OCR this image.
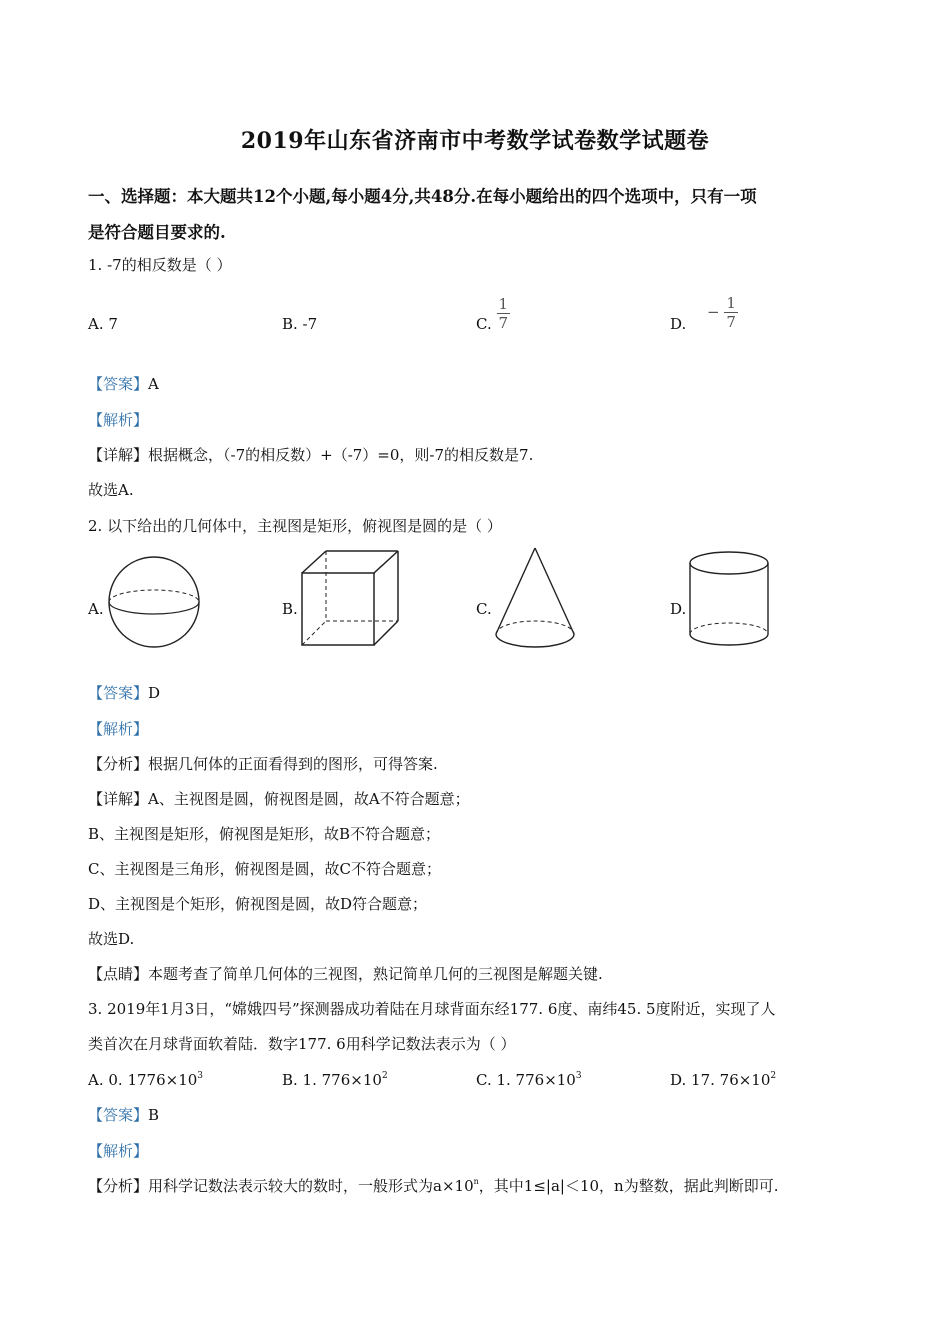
2019年山东省济南市中考数学试卷数学试题卷
一、选择题：本大题共12个小题,每小题4分,共48分.在每小题给出的四个选项中，只有一项
是符合题目要求的.
1. -7的相反数是（ ）
A. 7	B. -7	C. $\frac{1}{7}$	D. − $\frac{1}{7}$
【答案】A
【解析】
【详解】根据概念，（-7的相反数）+（-7）=0，则-7的相反数是7.
故选A.
2. 以下给出的几何体中，主视图是矩形，俯视图是圆的是（ ）
A.	B.	C.	D.
【答案】D
【解析】
【分析】根据几何体的正面看得到的图形，可得答案.
【详解】A、主视图是圆，俯视图是圆，故A不符合题意；
B、主视图是矩形，俯视图是矩形，故B不符合题意；
C、主视图是三角形，俯视图是圆，故C不符合题意；
D、主视图是个矩形，俯视图是圆，故D符合题意；
故选D.
【点睛】本题考查了简单几何体的三视图，熟记简单几何的三视图是解题关键.
3. 2019年1月3日，“嫦娥四号”探测器成功着陆在月球背面东经177. 6度、南纬45. 5度附近，实现了人
类首次在月球背面软着陆．数字177. 6用科学记数法表示为（ ）
A. 0. $1776\times 10^3$	B. 1. $776\times 10^2$	C. 1. $776\times 10^3$	D. 17. $76\times 10^2$
【答案】B
【解析】
【分析】用科学记数法表示较大的数时，一般形式为$a\times 10^n$，其中1≤|a|＜10，n为整数，据此判断即可.
